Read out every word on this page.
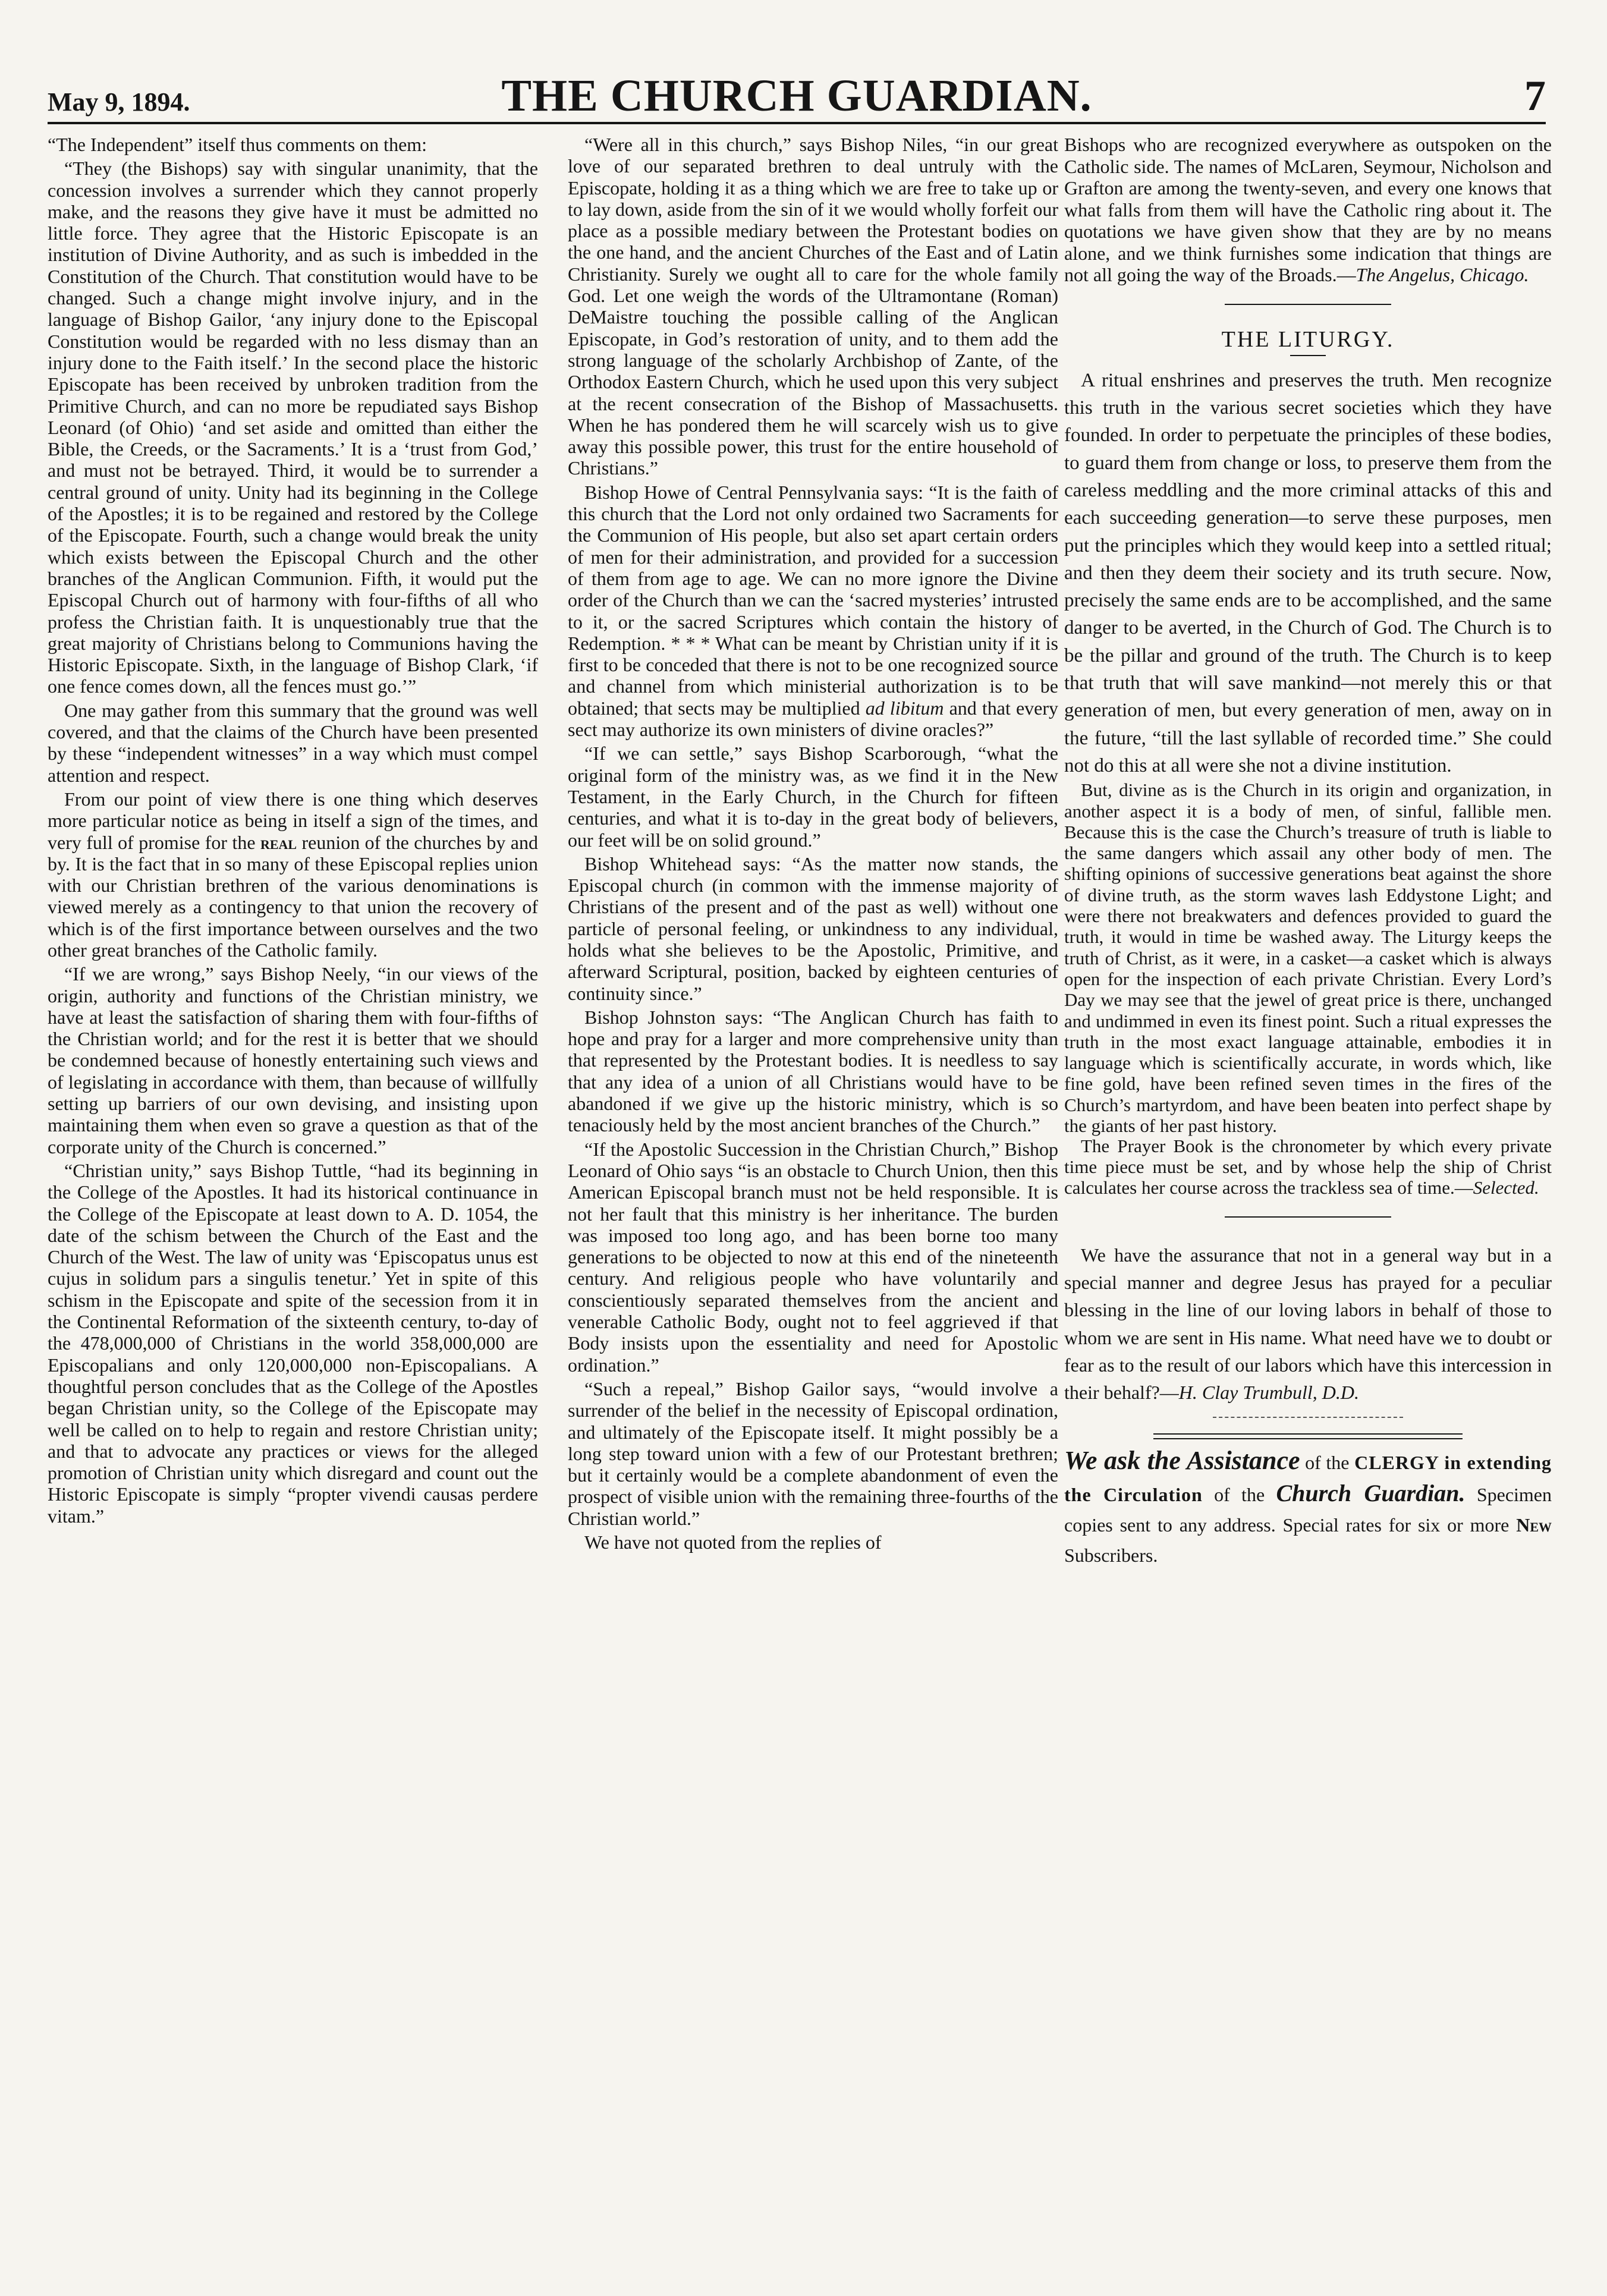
May 9, 1894.	THE CHURCH GUARDIAN.	7

“The Independent” itself thus comments on them:

“They (the Bishops) say with singular unanimity, that the concession involves a surrender which they cannot properly make, and the reasons they give have it must be admitted no little force. They agree that the Historic Episcopate is an institution of Divine Authority, and as such is imbedded in the Constitution of the Church. That constitution would have to be changed. Such a change might involve injury, and in the language of Bishop Gailor, ‘any injury done to the Episcopal Constitution would be regarded with no less dismay than an injury done to the Faith itself.’ In the second place the historic Episcopate has been received by unbroken tradition from the Primitive Church, and can no more be repudiated says Bishop Leonard (of Ohio) ‘and set aside and omitted than either the Bible, the Creeds, or the Sacraments.’ It is a ‘trust from God,’ and must not be betrayed. Third, it would be to surrender a central ground of unity. Unity had its beginning in the College of the Apostles; it is to be regained and restored by the College of the Episcopate. Fourth, such a change would break the unity which exists between the Episcopal Church and the other branches of the Anglican Communion. Fifth, it would put the Episcopal Church out of harmony with four-fifths of all who profess the Christian faith. It is unquestionably true that the great majority of Christians belong to Communions having the Historic Episcopate. Sixth, in the language of Bishop Clark, ‘if one fence comes down, all the fences must go.’”

One may gather from this summary that the ground was well covered, and that the claims of the Church have been presented by these “independent witnesses” in a way which must compel attention and respect.

From our point of view there is one thing which deserves more particular notice as being in itself a sign of the times, and very full of promise for the real reunion of the churches by and by. It is the fact that in so many of these Episcopal replies union with our Christian brethren of the various denominations is viewed merely as a contingency to that union the recovery of which is of the first importance between ourselves and the two other great branches of the Catholic family.

“If we are wrong,” says Bishop Neely, “in our views of the origin, authority and functions of the Christian ministry, we have at least the satisfaction of sharing them with four-fifths of the Christian world; and for the rest it is better that we should be condemned because of honestly entertaining such views and of legislating in accordance with them, than because of willfully setting up barriers of our own devising, and insisting upon maintaining them when even so grave a question as that of the corporate unity of the Church is concerned.”

“Christian unity,” says Bishop Tuttle, “had its beginning in the College of the Apostles. It had its historical continuance in the College of the Episcopate at least down to A. D. 1054, the date of the schism between the Church of the East and the Church of the West. The law of unity was ‘Episcopatus unus est cujus in solidum pars a singulis tenetur.’ Yet in spite of this schism in the Episcopate and spite of the secession from it in the Continental Reformation of the sixteenth century, to-day of the 478,000,000 of Christians in the world 358,000,000 are Episcopalians and only 120,000,000 non-Episcopalians. A thoughtful person concludes that as the College of the Apostles began Christian unity, so the College of the Episcopate may well be called on to help to regain and restore Christian unity; and that to advocate any practices or views for the alleged promotion of Christian unity which disregard and count out the Historic Episcopate is simply “propter vivendi causas perdere vitam.”

“Were all in this church,” says Bishop Niles, “in our great love of our separated brethren to deal untruly with the Episcopate, holding it as a thing which we are free to take up or to lay down, aside from the sin of it we would wholly forfeit our place as a possible mediary between the Protestant bodies on the one hand, and the ancient Churches of the East and of Latin Christianity. Surely we ought all to care for the whole family God. Let one weigh the words of the Ultramontane (Roman) DeMaistre touching the possible calling of the Anglican Episcopate, in God’s restoration of unity, and to them add the strong language of the scholarly Archbishop of Zante, of the Orthodox Eastern Church, which he used upon this very subject at the recent consecration of the Bishop of Massachusetts. When he has pondered them he will scarcely wish us to give away this possible power, this trust for the entire household of Christians.”

Bishop Howe of Central Pennsylvania says: “It is the faith of this church that the Lord not only ordained two Sacraments for the Communion of His people, but also set apart certain orders of men for their administration, and provided for a succession of them from age to age. We can no more ignore the Divine order of the Church than we can the ‘sacred mysteries’ intrusted to it, or the sacred Scriptures which contain the history of Redemption. * * * What can be meant by Christian unity if it is first to be conceded that there is not to be one recognized source and channel from which ministerial authorization is to be obtained; that sects may be multiplied ad libitum and that every sect may authorize its own ministers of divine oracles?”

“If we can settle,” says Bishop Scarborough, “what the original form of the ministry was, as we find it in the New Testament, in the Early Church, in the Church for fifteen centuries, and what it is to-day in the great body of believers, our feet will be on solid ground.”

Bishop Whitehead says: “As the matter now stands, the Episcopal church (in common with the immense majority of Christians of the present and of the past as well) without one particle of personal feeling, or unkindness to any individual, holds what she believes to be the Apostolic, Primitive, and afterward Scriptural, position, backed by eighteen centuries of continuity since.”

Bishop Johnston says: “The Anglican Church has faith to hope and pray for a larger and more comprehensive unity than that represented by the Protestant bodies. It is needless to say that any idea of a union of all Christians would have to be abandoned if we give up the historic ministry, which is so tenaciously held by the most ancient branches of the Church.”

“If the Apostolic Succession in the Christian Church,” Bishop Leonard of Ohio says “is an obstacle to Church Union, then this American Episcopal branch must not be held responsible. It is not her fault that this ministry is her inheritance. The burden was imposed too long ago, and has been borne too many generations to be objected to now at this end of the nineteenth century. And religious people who have voluntarily and conscientiously separated themselves from the ancient and venerable Catholic Body, ought not to feel aggrieved if that Body insists upon the essentiality and need for Apostolic ordination.”

“Such a repeal,” Bishop Gailor says, “would involve a surrender of the belief in the necessity of Episcopal ordination, and ultimately of the Episcopate itself. It might possibly be a long step toward union with a few of our Protestant brethren; but it certainly would be a complete abandonment of even the prospect of visible union with the remaining three-fourths of the Christian world.”

We have not quoted from the replies of

Bishops who are recognized everywhere as outspoken on the Catholic side. The names of McLaren, Seymour, Nicholson and Grafton are among the twenty-seven, and every one knows that what falls from them will have the Catholic ring about it. The quotations we have given show that they are by no means alone, and we think furnishes some indication that things are not all going the way of the Broads.—The Angelus, Chicago.

THE LITURGY.

A ritual enshrines and preserves the truth. Men recognize this truth in the various secret societies which they have founded. In order to perpetuate the principles of these bodies, to guard them from change or loss, to preserve them from the careless meddling and the more criminal attacks of this and each succeeding generation—to serve these purposes, men put the principles which they would keep into a settled ritual; and then they deem their society and its truth secure. Now, precisely the same ends are to be accomplished, and the same danger to be averted, in the Church of God. The Church is to be the pillar and ground of the truth. The Church is to keep that truth that will save mankind—not merely this or that generation of men, but every generation of men, away on in the future, “till the last syllable of recorded time.” She could not do this at all were she not a divine institution.

But, divine as is the Church in its origin and organization, in another aspect it is a body of men, of sinful, fallible men. Because this is the case the Church’s treasure of truth is liable to the same dangers which assail any other body of men. The shifting opinions of successive generations beat against the shore of divine truth, as the storm waves lash Eddystone Light; and were there not breakwaters and defences provided to guard the truth, it would in time be washed away. The Liturgy keeps the truth of Christ, as it were, in a casket—a casket which is always open for the inspection of each private Christian. Every Lord’s Day we may see that the jewel of great price is there, unchanged and undimmed in even its finest point. Such a ritual expresses the truth in the most exact language attainable, embodies it in language which is scientifically accurate, in words which, like fine gold, have been refined seven times in the fires of the Church’s martyrdom, and have been beaten into perfect shape by the giants of her past history.

The Prayer Book is the chronometer by which every private time piece must be set, and by whose help the ship of Christ calculates her course across the trackless sea of time.—Selected.

We have the assurance that not in a general way but in a special manner and degree Jesus has prayed for a peculiar blessing in the line of our loving labors in behalf of those to whom we are sent in His name. What need have we to doubt or fear as to the result of our labors which have this intercession in their behalf?—H. Clay Trumbull, D.D.

We ask the Assistance of the CLERGY in extending the Circulation of the Church Guardian. Specimen copies sent to any address. Special rates for six or more New Subscribers.
